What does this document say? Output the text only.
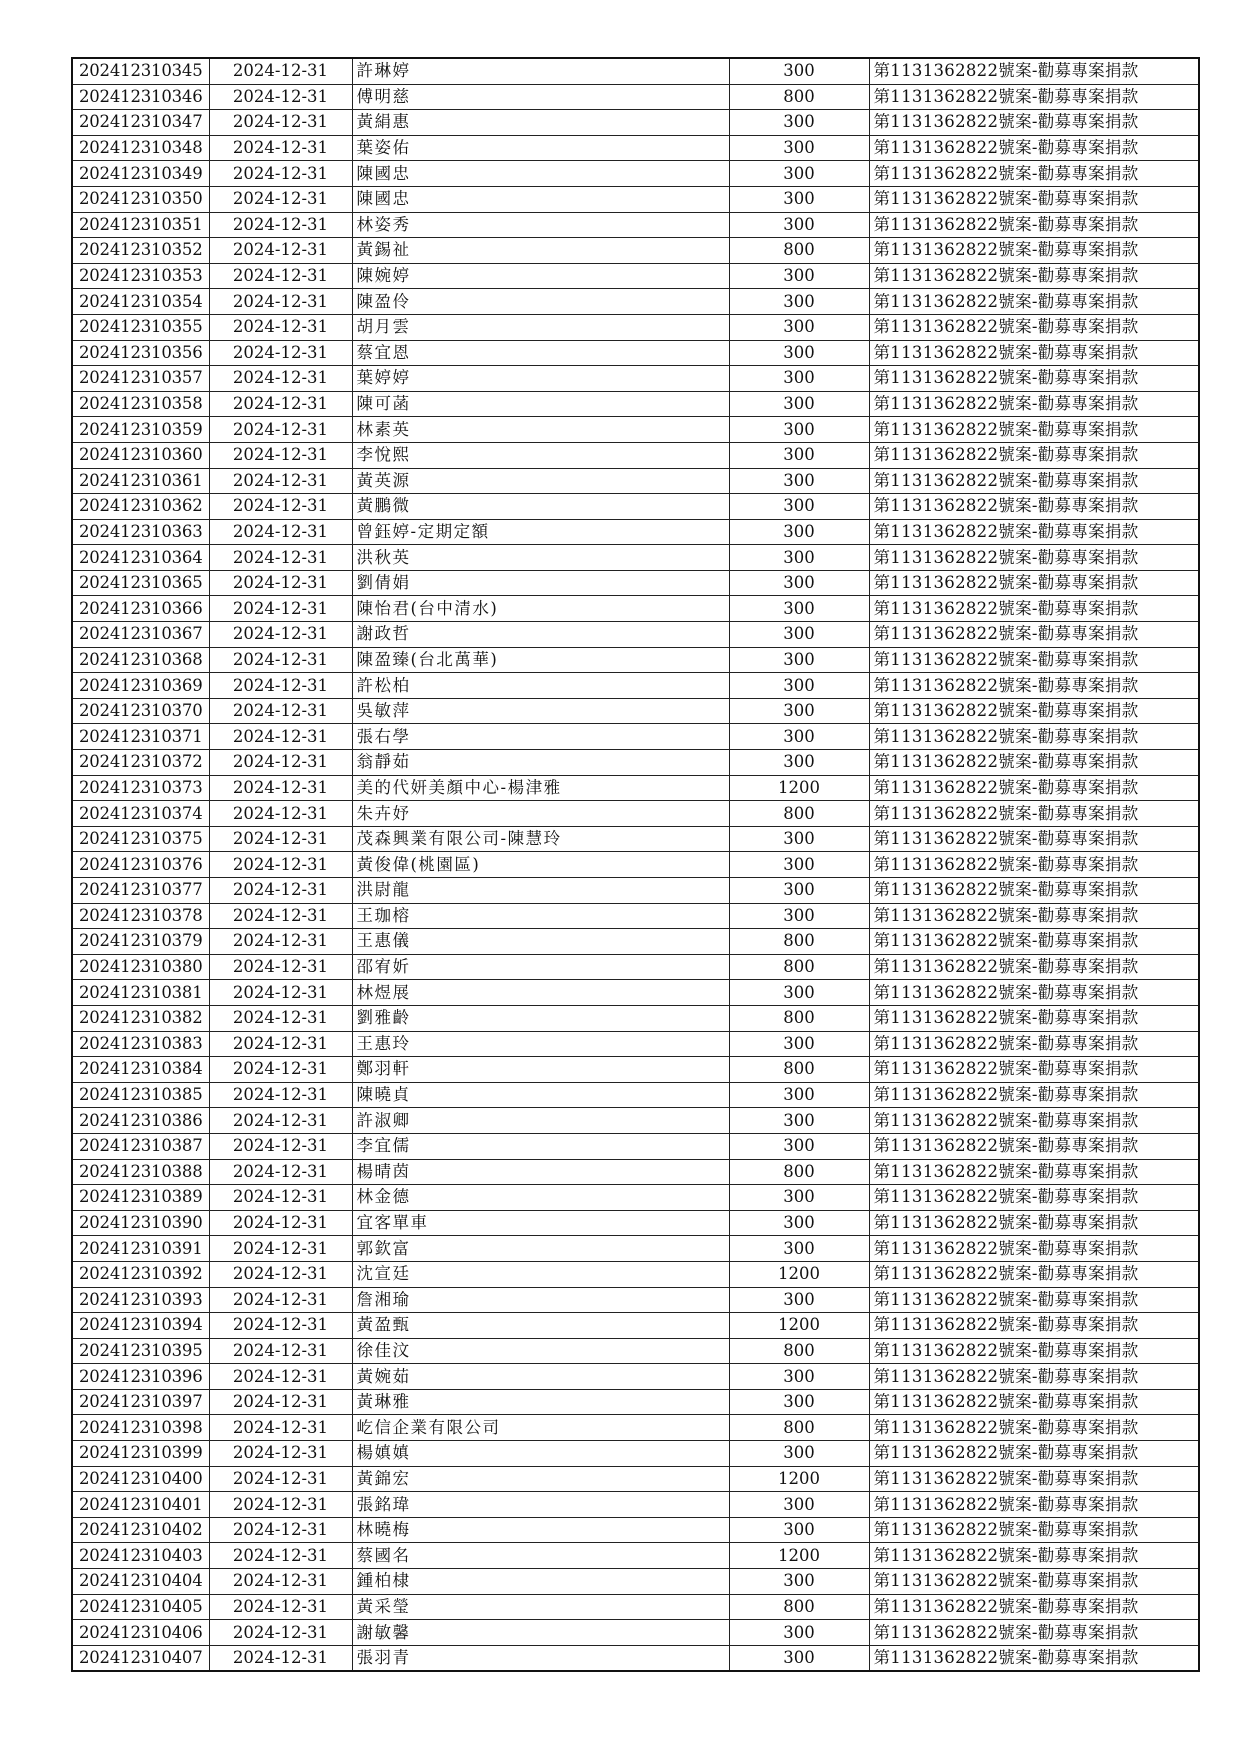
202412310345	2024-12-31	許琳婷	300	第1131362822號案-勸募專案捐款
202412310346	2024-12-31	傅明慈	800	第1131362822號案-勸募專案捐款
202412310347	2024-12-31	黃絹惠	300	第1131362822號案-勸募專案捐款
202412310348	2024-12-31	葉姿佑	300	第1131362822號案-勸募專案捐款
202412310349	2024-12-31	陳國忠	300	第1131362822號案-勸募專案捐款
202412310350	2024-12-31	陳國忠	300	第1131362822號案-勸募專案捐款
202412310351	2024-12-31	林姿秀	300	第1131362822號案-勸募專案捐款
202412310352	2024-12-31	黃錫祉	800	第1131362822號案-勸募專案捐款
202412310353	2024-12-31	陳婉婷	300	第1131362822號案-勸募專案捐款
202412310354	2024-12-31	陳盈伶	300	第1131362822號案-勸募專案捐款
202412310355	2024-12-31	胡月雲	300	第1131362822號案-勸募專案捐款
202412310356	2024-12-31	蔡宜恩	300	第1131362822號案-勸募專案捐款
202412310357	2024-12-31	葉婷婷	300	第1131362822號案-勸募專案捐款
202412310358	2024-12-31	陳可菡	300	第1131362822號案-勸募專案捐款
202412310359	2024-12-31	林素英	300	第1131362822號案-勸募專案捐款
202412310360	2024-12-31	李悅熙	300	第1131362822號案-勸募專案捐款
202412310361	2024-12-31	黃英源	300	第1131362822號案-勸募專案捐款
202412310362	2024-12-31	黃鵬微	300	第1131362822號案-勸募專案捐款
202412310363	2024-12-31	曾鈺婷-定期定額	300	第1131362822號案-勸募專案捐款
202412310364	2024-12-31	洪秋英	300	第1131362822號案-勸募專案捐款
202412310365	2024-12-31	劉倩娟	300	第1131362822號案-勸募專案捐款
202412310366	2024-12-31	陳怡君(台中清水)	300	第1131362822號案-勸募專案捐款
202412310367	2024-12-31	謝政哲	300	第1131362822號案-勸募專案捐款
202412310368	2024-12-31	陳盈臻(台北萬華)	300	第1131362822號案-勸募專案捐款
202412310369	2024-12-31	許松柏	300	第1131362822號案-勸募專案捐款
202412310370	2024-12-31	吳敏萍	300	第1131362822號案-勸募專案捐款
202412310371	2024-12-31	張右學	300	第1131362822號案-勸募專案捐款
202412310372	2024-12-31	翁靜茹	300	第1131362822號案-勸募專案捐款
202412310373	2024-12-31	美的代妍美顏中心-楊津雅	1200	第1131362822號案-勸募專案捐款
202412310374	2024-12-31	朱卉妤	800	第1131362822號案-勸募專案捐款
202412310375	2024-12-31	茂森興業有限公司-陳慧玲	300	第1131362822號案-勸募專案捐款
202412310376	2024-12-31	黃俊偉(桃園區)	300	第1131362822號案-勸募專案捐款
202412310377	2024-12-31	洪尉龍	300	第1131362822號案-勸募專案捐款
202412310378	2024-12-31	王珈榕	300	第1131362822號案-勸募專案捐款
202412310379	2024-12-31	王惠儀	800	第1131362822號案-勸募專案捐款
202412310380	2024-12-31	邵宥妡	800	第1131362822號案-勸募專案捐款
202412310381	2024-12-31	林煜展	300	第1131362822號案-勸募專案捐款
202412310382	2024-12-31	劉雅齡	800	第1131362822號案-勸募專案捐款
202412310383	2024-12-31	王惠玲	300	第1131362822號案-勸募專案捐款
202412310384	2024-12-31	鄭羽軒	800	第1131362822號案-勸募專案捐款
202412310385	2024-12-31	陳曉貞	300	第1131362822號案-勸募專案捐款
202412310386	2024-12-31	許淑卿	300	第1131362822號案-勸募專案捐款
202412310387	2024-12-31	李宜儒	300	第1131362822號案-勸募專案捐款
202412310388	2024-12-31	楊晴茵	800	第1131362822號案-勸募專案捐款
202412310389	2024-12-31	林金德	300	第1131362822號案-勸募專案捐款
202412310390	2024-12-31	宜客單車	300	第1131362822號案-勸募專案捐款
202412310391	2024-12-31	郭欽富	300	第1131362822號案-勸募專案捐款
202412310392	2024-12-31	沈宣廷	1200	第1131362822號案-勸募專案捐款
202412310393	2024-12-31	詹湘瑜	300	第1131362822號案-勸募專案捐款
202412310394	2024-12-31	黃盈甄	1200	第1131362822號案-勸募專案捐款
202412310395	2024-12-31	徐佳汶	800	第1131362822號案-勸募專案捐款
202412310396	2024-12-31	黃婉茹	300	第1131362822號案-勸募專案捐款
202412310397	2024-12-31	黃琳雅	300	第1131362822號案-勸募專案捐款
202412310398	2024-12-31	屹信企業有限公司	800	第1131362822號案-勸募專案捐款
202412310399	2024-12-31	楊嫃嫃	300	第1131362822號案-勸募專案捐款
202412310400	2024-12-31	黃錦宏	1200	第1131362822號案-勸募專案捐款
202412310401	2024-12-31	張銘瑋	300	第1131362822號案-勸募專案捐款
202412310402	2024-12-31	林曉梅	300	第1131362822號案-勸募專案捐款
202412310403	2024-12-31	蔡國名	1200	第1131362822號案-勸募專案捐款
202412310404	2024-12-31	鍾柏棣	300	第1131362822號案-勸募專案捐款
202412310405	2024-12-31	黃采瑩	800	第1131362822號案-勸募專案捐款
202412310406	2024-12-31	謝敏馨	300	第1131362822號案-勸募專案捐款
202412310407	2024-12-31	張羽青	300	第1131362822號案-勸募專案捐款
